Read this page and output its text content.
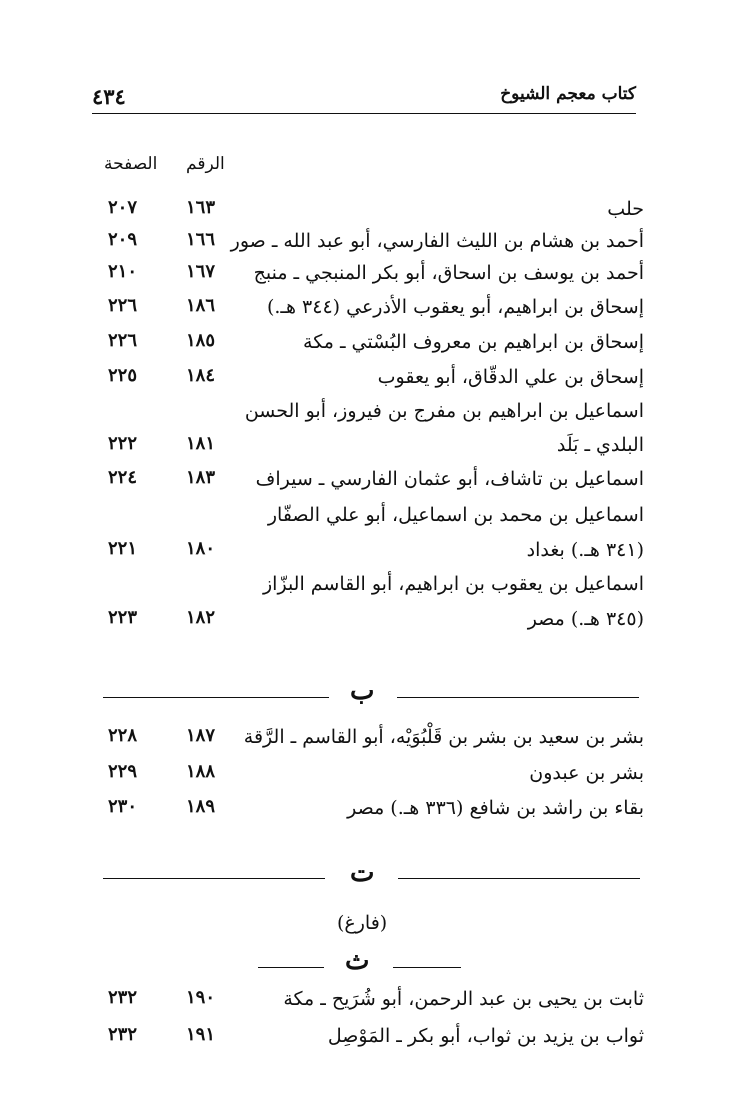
٤٣٤	كتاب معجم الشيوخ
الصفحة الرقم
حلب
١٦٣
٢٠٧
أحمد بن هشام بن الليث الفارسي، أبو عبد الله ـ صور
١٦٦
٢٠٩
أحمد بن يوسف بن اسحاق، أبو بكر المنبجي ـ منبج
١٦٧
٢١٠
إسحاق بن ابراهيم، أبو يعقوب الأذرعي (٣٤٤ هـ.)
١٨٦
٢٢٦
إسحاق بن ابراهيم بن معروف البُسْتي ـ مكة
١٨٥
٢٢٦
إسحاق بن علي الدقّاق، أبو يعقوب
١٨٤
٢٢٥
اسماعيل بن ابراهيم بن مفرج بن فيروز، أبو الحسن
البلدي ـ بَلَد
١٨١
٢٢٢
اسماعيل بن تاشاف، أبو عثمان الفارسي ـ سيراف
١٨٣
٢٢٤
اسماعيل بن محمد بن اسماعيل، أبو علي الصفّار
(٣٤١ هـ.) بغداد
١٨٠
٢٢١
اسماعيل بن يعقوب بن ابراهيم، أبو القاسم البزّاز
(٣٤٥ هـ.) مصر
١٨٢
٢٢٣
ب
بشر بن سعيد بن بشر بن قَلْبُوَيْه، أبو القاسم ـ الرَّقة
١٨٧
٢٢٨
بشر بن عبدون
١٨٨
٢٢٩
بقاء بن راشد بن شافع (٣٣٦ هـ.) مصر
١٨٩
٢٣٠
ت
(فارغ)
ث
ثابت بن يحيى بن عبد الرحمن، أبو شُرَيح ـ مكة
١٩٠
٢٣٢
ثواب بن يزيد بن ثواب، أبو بكر ـ المَوْصِل
١٩١
٢٣٢
